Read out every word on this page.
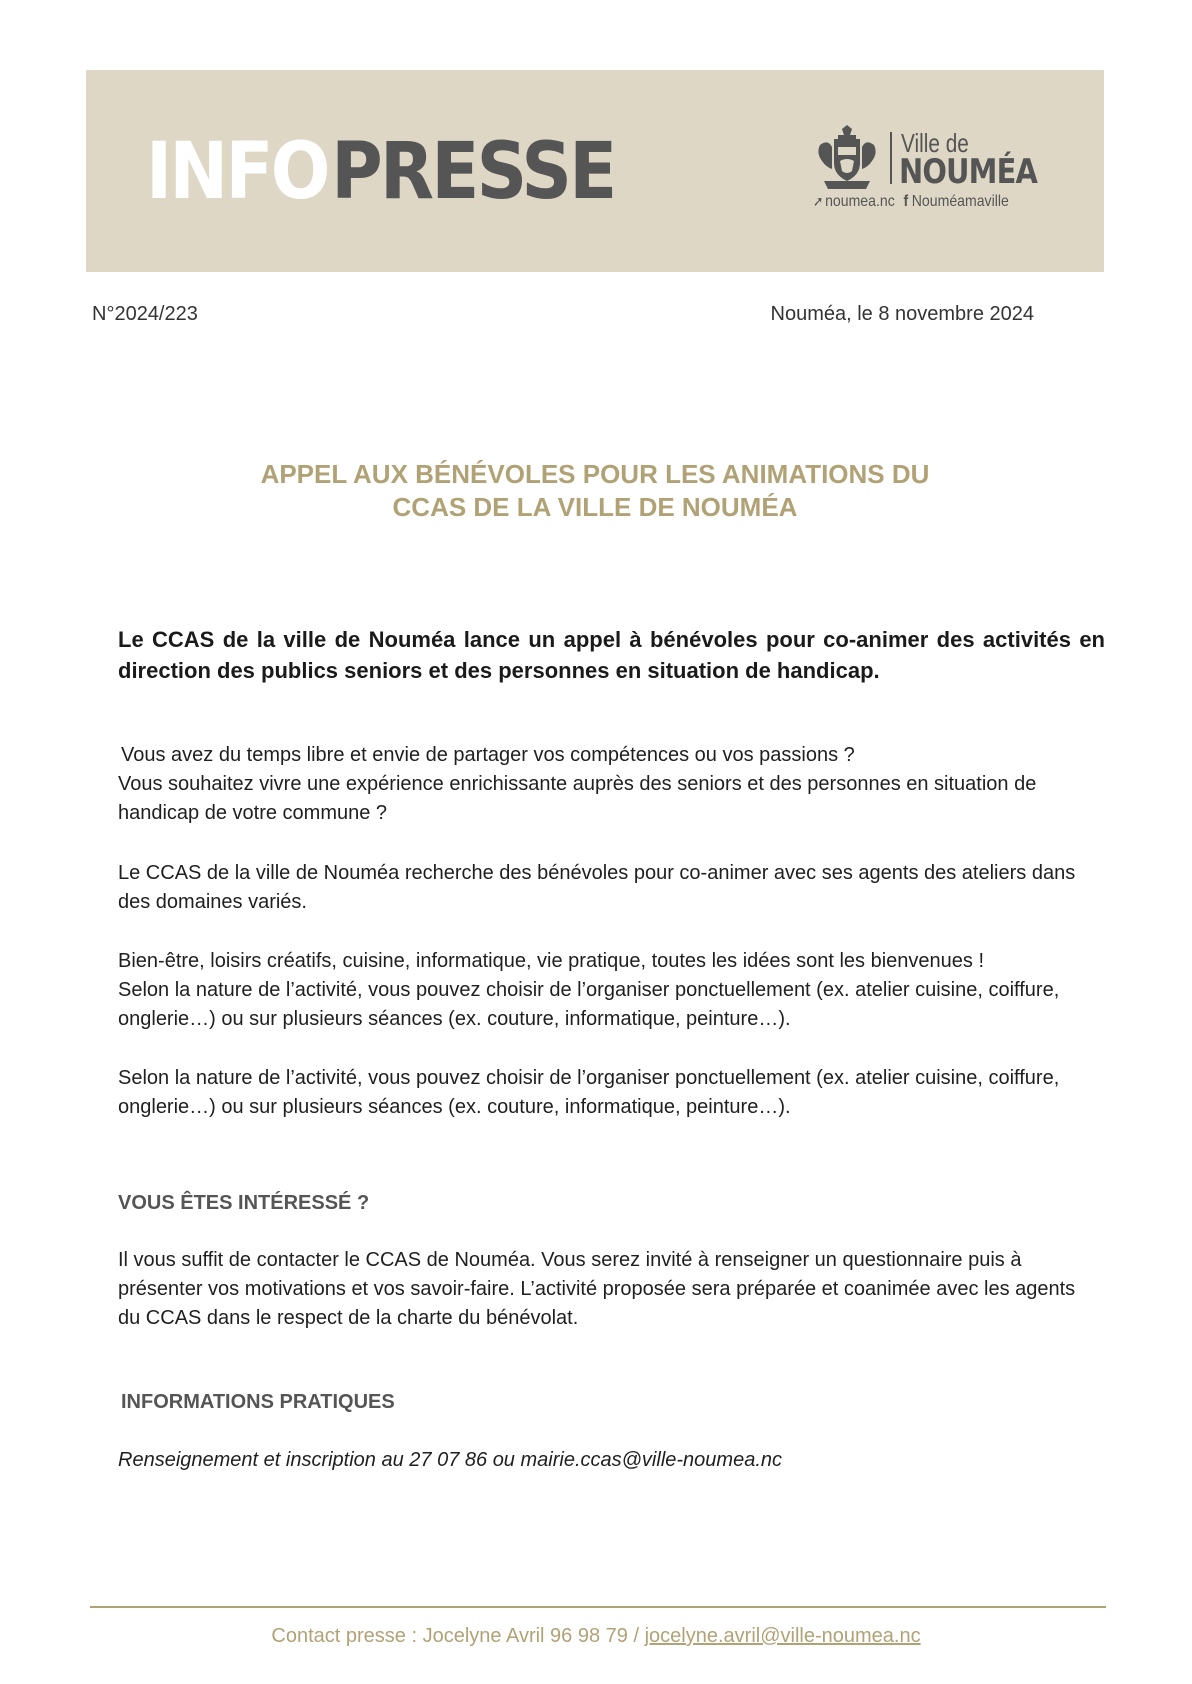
INFOPRESSE	Ville de
NOUMÉA
➚ noumea.nc f Nouméamaville
N°2024/223	Nouméa, le 8 novembre 2024
APPEL AUX BÉNÉVOLES POUR LES ANIMATIONS DU
CCAS DE LA VILLE DE NOUMÉA
Le CCAS de la ville de Nouméa lance un appel à bénévoles pour co-animer des activités en direction des publics seniors et des personnes en situation de handicap.

Vous avez du temps libre et envie de partager vos compétences ou vos passions ?

Vous souhaitez vivre une expérience enrichissante auprès des seniors et des personnes en situation de handicap de votre commune ?

Le CCAS de la ville de Nouméa recherche des bénévoles pour co-animer avec ses agents des ateliers dans des domaines variés.

Bien-être, loisirs créatifs, cuisine, informatique, vie pratique, toutes les idées sont les bienvenues !

Selon la nature de l’activité, vous pouvez choisir de l’organiser ponctuellement (ex. atelier cuisine, coiffure, onglerie…) ou sur plusieurs séances (ex. couture, informatique, peinture…).

Selon la nature de l’activité, vous pouvez choisir de l’organiser ponctuellement (ex. atelier cuisine, coiffure, onglerie…) ou sur plusieurs séances (ex. couture, informatique, peinture…).

VOUS ÊTES INTÉRESSÉ ?

Il vous suffit de contacter le CCAS de Nouméa. Vous serez invité à renseigner un questionnaire puis à présenter vos motivations et vos savoir-faire. L’activité proposée sera préparée et coanimée avec les agents du CCAS dans le respect de la charte du bénévolat.

INFORMATIONS PRATIQUES

Renseignement et inscription au 27 07 86 ou mairie.ccas@ville-noumea.nc

Contact presse : Jocelyne Avril 96 98 79 / jocelyne.avril@ville-noumea.nc
